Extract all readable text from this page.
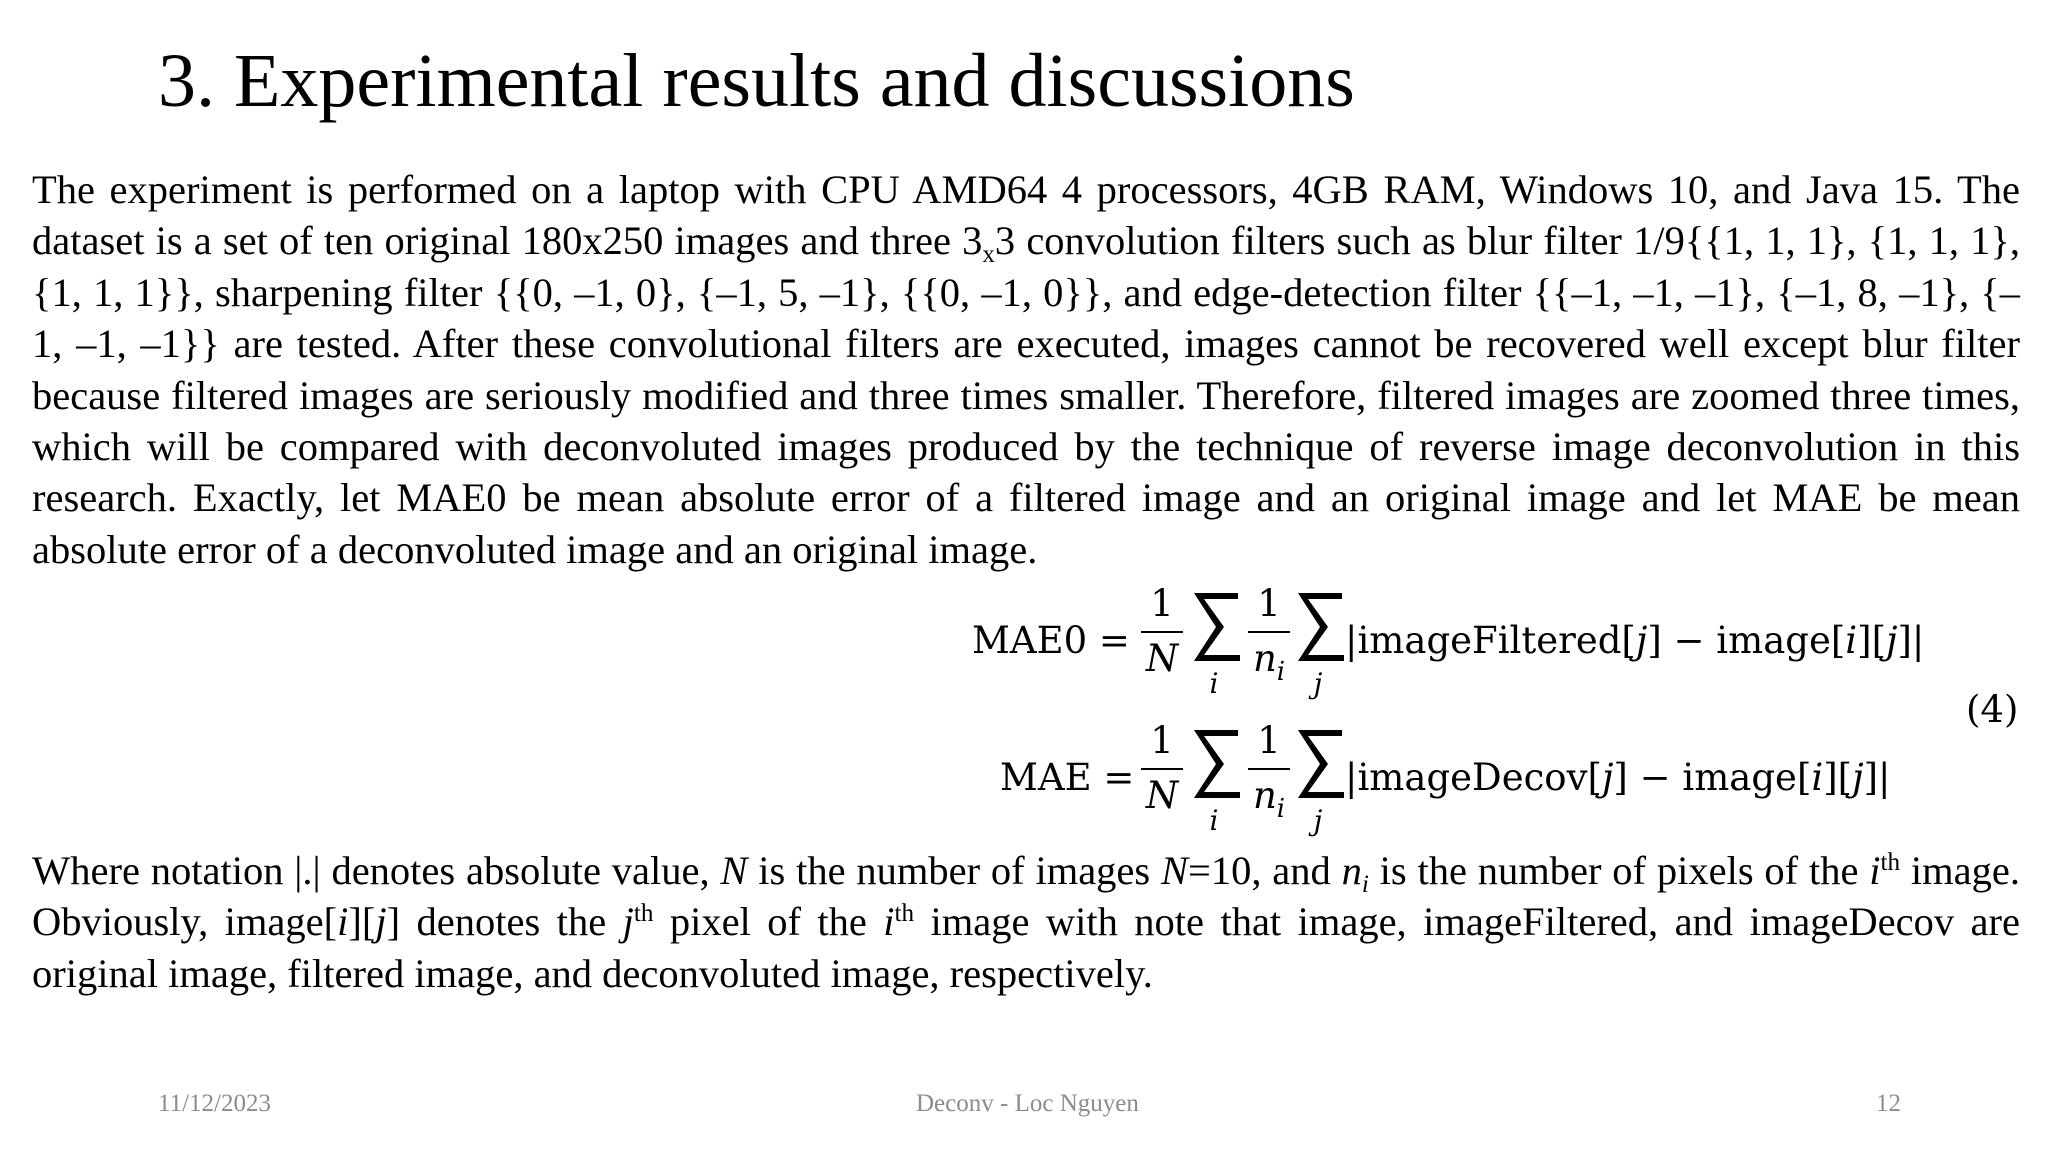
3. Experimental results and discussions

The experiment is performed on a laptop with CPU AMD64 4 processors, 4GB RAM, Windows 10, and Java 15. The dataset is a set of ten original 180x250 images and three $3_x3$ convolution filters such as blur filter 1/9{{1, 1, 1}, {1, 1, 1}, {1, 1, 1}}, sharpening filter {{0, –1, 0}, {–1, 5, –1}, {{0, –1, 0}}, and edge-detection filter {{–1, –1, –1}, {–1, 8, –1}, {–1, –1, –1}} are tested. After these convolutional filters are executed, images cannot be recovered well except blur filter because filtered images are seriously modified and three times smaller. Therefore, filtered images are zoomed three times, which will be compared with deconvoluted images produced by the technique of reverse image deconvolution in this research. Exactly, let MAE0 be mean absolute error of a filtered image and an original image and let MAE be mean absolute error of a deconvoluted image and an original image.

MAE0 =
1
N
i
1
$n_i$	j
|imageFiltered[ j ] − image[ i ][ j ]|
MAE =
1
N
i
1
$n_i$	j
|imageDecov[ j ] − image[ i ][ j ]|
(4)

Where notation |.| denotes absolute value, N is the number of images N=10, and $n_i$ is the number of pixels of the $i^{th}$ image. Obviously, image[i][j] denotes the $j^{th}$ pixel of the $i^{th}$ image with note that image, imageFiltered, and imageDecov are original image, filtered image, and deconvoluted image, respectively.

11/12/2023	Deconv - Loc Nguyen	12
